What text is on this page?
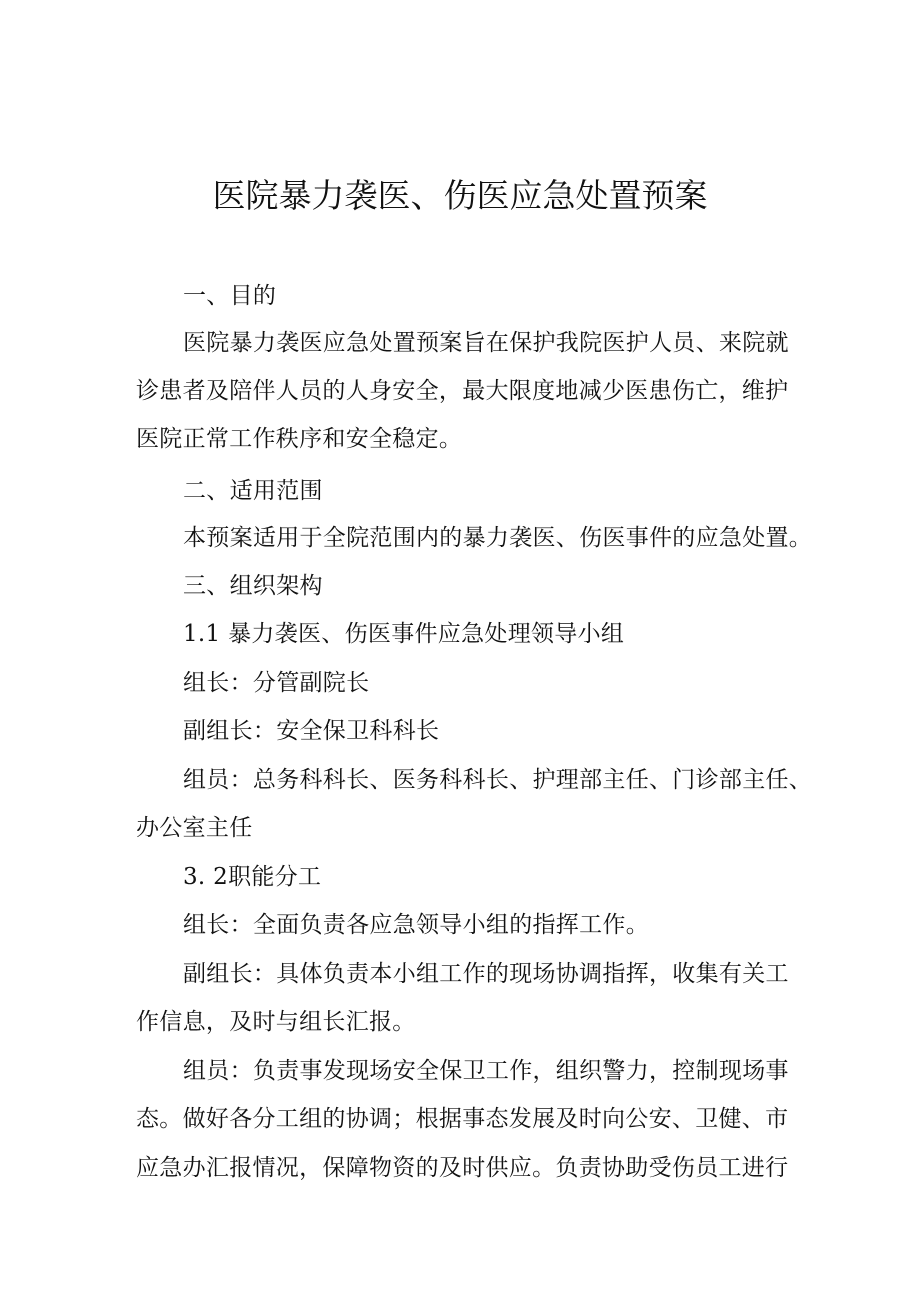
医院暴力袭医、伤医应急处置预案

一、目的

医院暴力袭医应急处置预案旨在保护我院医护人员、来院就

诊患者及陪伴人员的人身安全，最大限度地减少医患伤亡，维护

医院正常工作秩序和安全稳定。

二、适用范围

本预案适用于全院范围内的暴力袭医、伤医事件的应急处置。

三、组织架构

1.1 暴力袭医、伤医事件应急处理领导小组

组长：分管副院长

副组长：安全保卫科科长

组员：总务科科长、医务科科长、护理部主任、门诊部主任、

办公室主任

3. 2职能分工

组长：全面负责各应急领导小组的指挥工作。

副组长：具体负责本小组工作的现场协调指挥，收集有关工

作信息，及时与组长汇报。

组员：负责事发现场安全保卫工作，组织警力，控制现场事

态。做好各分工组的协调；根据事态发展及时向公安、卫健、市

应急办汇报情况，保障物资的及时供应。负责协助受伤员工进行
